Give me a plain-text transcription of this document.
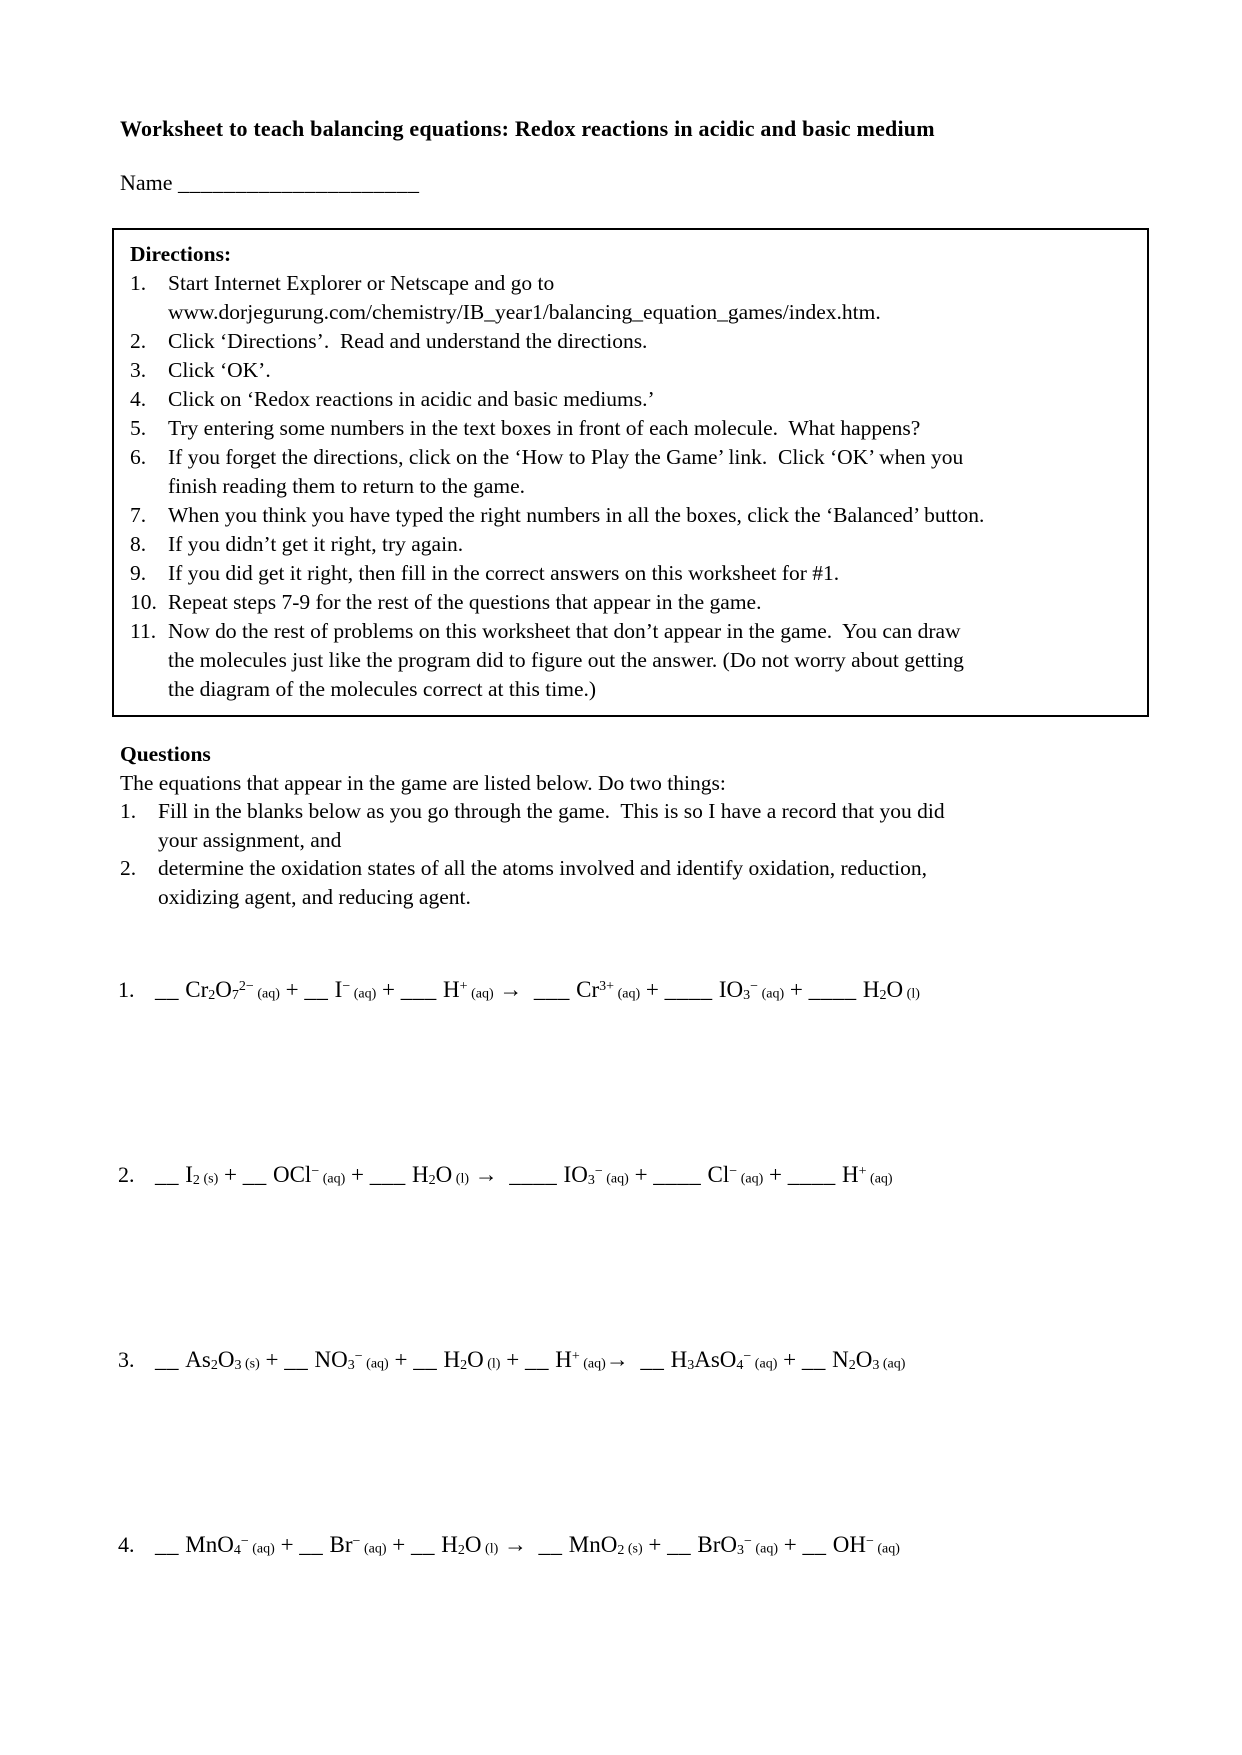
Worksheet to teach balancing equations: Redox reactions in acidic and basic medium
Name _____________________
Directions:
1.	Start Internet Explorer or Netscape and go to
www.dorjegurung.com/chemistry/IB_year1/balancing_equation_games/index.htm.
2.	Click ‘Directions’.  Read and understand the directions.
3.	Click ‘OK’.
4.	Click on ‘Redox reactions in acidic and basic mediums.’
5.	Try entering some numbers in the text boxes in front of each molecule.  What happens?
6.	If you forget the directions, click on the ‘How to Play the Game’ link.  Click ‘OK’ when you
finish reading them to return to the game.
7.	When you think you have typed the right numbers in all the boxes, click the ‘Balanced’ button.
8.	If you didn’t get it right, try again.
9.	If you did get it right, then fill in the correct answers on this worksheet for #1.
10. Repeat steps 7-9 for the rest of the questions that appear in the game.
11. Now do the rest of problems on this worksheet that don’t appear in the game.  You can draw
the molecules just like the program did to figure out the answer. (Do not worry about getting
the diagram of the molecules correct at this time.)
Questions
The equations that appear in the game are listed below. Do two things:
1.	Fill in the blanks below as you go through the game.  This is so I have a record that you did
your assignment, and
2.	determine the oxidation states of all the atoms involved and identify oxidation, reduction,
oxidizing agent, and reducing agent.
1. __ $Cr_2O_7^{2-}$ (aq) + __ I− (aq) + ___ H+ (aq) →  ___ $Cr^{3+}$ (aq) + ____ $IO_3^-$ (aq) + ____ $H_2O$ (l)
2. __ $I_2$ (s) + __ OCl− (aq) + ___ $H_2O$ (l) →  ____ $IO_3^-$ (aq) + ____ Cl− (aq) + ____ H+ (aq)
3. __ $As_2O_3$ (s) + __ $NO_3^-$ (aq) + __ $H_2O$ (l) + __ H+ (aq)→  __ $H_3AsO_4^-$ (aq) + __ $N_2O_3$ (aq)
4. __ MnO$_4$− (aq) + __ Br− (aq) + __ $H_2O$ (l) →  __ MnO$_2$ (s) + __ BrO$_3$− (aq) + __ OH− (aq)
